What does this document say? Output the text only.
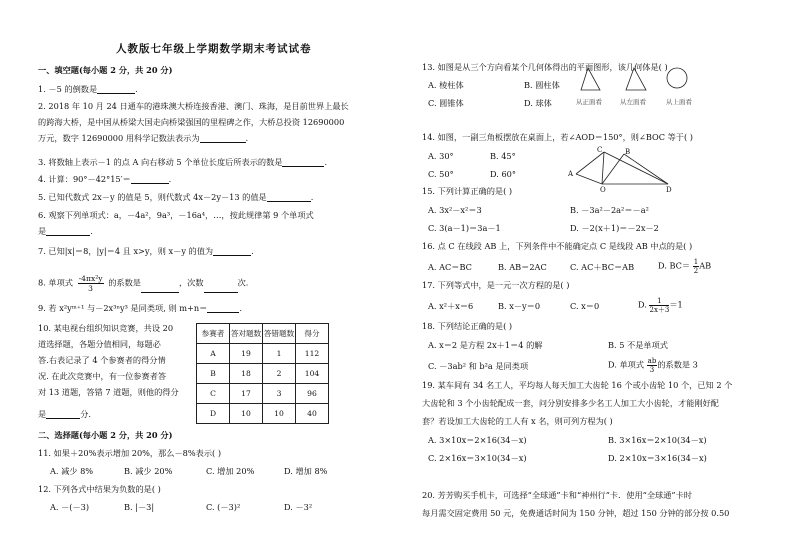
人教版七年级上学期数学期末考试试卷
一、填空题(每小题 2 分，共 20 分)
1. －5 的倒数是	.
2. 2018 年 10 月 24 日通车的港珠澳大桥连接香港、澳门、珠海，是目前世界上最长
的跨海大桥，是中国从桥梁大国走向桥梁强国的里程碑之作，大桥总投资 12690000
万元，数字 12690000 用科学记数法表示为	.
3. 将数轴上表示－1 的点 A 向右移动 5 个单位长度后所表示的数是	.
4. 计算：90°－42°15′＝	.
5. 已知代数式 2x－y 的值是 5，则代数式 4x－2y－13 的值是	.
6. 观察下列单项式：a，－4a²，9a³，－16a⁴，…，按此规律第 9 个单项式
是	.
7. 已知|x|＝8，|y|＝4 且 x>y，则 x－y 的值为	.
8. 单项式 $\frac{\text{-4πx²y}}{3}$ 的系数是	，次数	次.
9. 若 x²yᵐ⁺¹ 与－2x³ⁿy³ 是同类项, 则 m+n＝	.
10. 某电视台组织知识竞赛，共设 20
道选择题，各题分值相同，每题必
答.右表记录了 4 个参赛者的得分情
况. 在此次竞赛中，有一位参赛者答
对 13 道题，答错 7 道题，则他的得分
是	分.
参赛者	答对题数	答错题数	得分
A	19	1	112
B	18	2	104
C	17	3	96
D	10	10	40
二、选择题(每小题 2 分，共 20 分)
11. 如果＋20%表示增加 20%，那么－8%表示( )
A. 减少 8%	B. 减少 20%	C. 增加 20%	D. 增加 8%
12. 下列各式中结果为负数的是( )
A. －(－3)	B. |－3|	C. (－3)²	D. －3²
13. 如图是从三个方向看某个几何体得出的平面图形，该几何体是( )
A. 棱柱体	B. 圆柱体
C. 圆锥体	D. 球体	从正面看	从左面看	从上面看
14. 如图，一副三角板摆放在桌面上，若∠AOD＝150°，则∠BOC 等于( )
A. 30°	B. 45°
C. 50°	D. 60°
C	B
A
O	D
15. 下列计算正确的是( )
A. 3x²－x²＝3	B. －3a²－2a²＝－a²
C. 3(a－1)＝3a－1	D. －2(x＋1)＝－2x－2
16. 点 C 在线段 AB 上，下列条件中不能确定点 C 是线段 AB 中点的是( )
A. AC＝BC	B. AB＝2AC	C. AC＋BC＝AB	D. $BC= \frac{1}{2}$ AB
17. 下列等式中，是一元一次方程的是( )
A. x²＋x＝6	B. x－y＝0	C. x＝0	D. $\frac{1}{2x+3} =1$
18. 下列结论正确的是( )
A. x＝2 是方程 2x＋1＝4 的解	B. 5 不是单项式
C. －3ab² 和 b²a 是同类项	D. 单项式 $\frac{ab}{3}$ 的系数是 3
19. 某车间有 34 名工人，平均每人每天加工大齿轮 16 个或小齿轮 10 个，已知 2 个
大齿轮和 3 个小齿轮配成一套，问分别安排多少名工人加工大小齿轮，才能刚好配
套？若设加工大齿轮的工人有 x 名，则可列方程为( )
A. 3×10x＝2×16(34－x)	B. 3×16x＝2×10(34－x)
C. 2×16x＝3×10(34－x)	D. 2×10x＝3×16(34－x)
20. 芳芳购买手机卡，可选择“全球通”卡和“神州行”卡．使用“全球通”卡时
每月需交固定费用 50 元，免费通话时间为 150 分钟，超过 150 分钟的部分按 0.50
